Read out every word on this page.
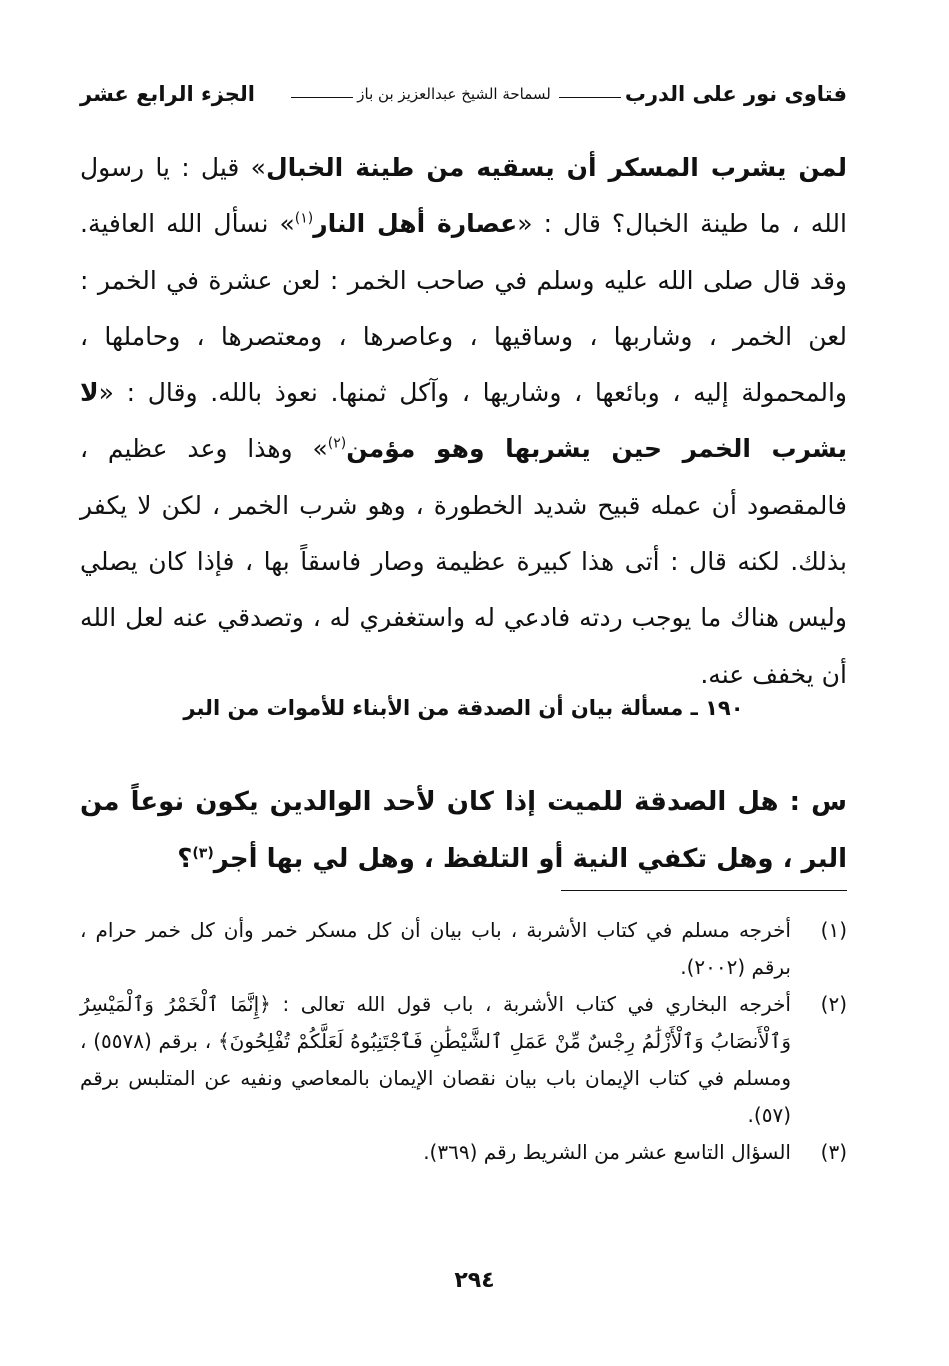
فتاوى نور على الدرب
لسماحة الشيخ عبدالعزيز بن باز
الجزء الرابع عشر

لمن يشرب المسكر أن يسقيه من طينة الخبال» قيل : يا رسول الله ، ما طينة الخبال؟ قال : «عصارة أهل النار$^{(١)}$» نسأل الله العافية. وقد قال صلى الله عليه وسلم في صاحب الخمر : لعن عشرة في الخمر : لعن الخمر ، وشاربها ، وساقيها ، وعاصرها ، ومعتصرها ، وحاملها ، والمحمولة إليه ، وبائعها ، وشاريها ، وآكل ثمنها. نعوذ بالله. وقال : «لا يشرب الخمر حين يشربها وهو مؤمن$^{(٢)}$» وهذا وعد عظيم ، فالمقصود أن عمله قبيح شديد الخطورة ، وهو شرب الخمر ، لكن لا يكفر بذلك. لكنه قال : أتى هذا كبيرة عظيمة وصار فاسقاً بها ، فإذا كان يصلي وليس هناك ما يوجب ردته فادعي له واستغفري له ، وتصدقي عنه لعل الله أن يخفف عنه.

١٩٠ ـ مسألة بيان أن الصدقة من الأبناء للأموات من البر

س : هل الصدقة للميت إذا كان لأحد الوالدين يكون نوعاً من البر ، وهل تكفي النية أو التلفظ ، وهل لي بها أجر$^{(٣)}$؟

(١)
أخرجه مسلم في كتاب الأشربة ، باب بيان أن كل مسكر خمر وأن كل خمر حرام ، برقم (٢٠٠٢).
(٢)
أخرجه البخاري في كتاب الأشربة ، باب قول الله تعالى : ﴿إِنَّمَا ٱلْخَمْرُ وَٱلْمَيْسِرُ وَٱلْأَنصَابُ وَٱلْأَزْلَٰمُ رِجْسٌ مِّنْ عَمَلِ ٱلشَّيْطَٰنِ فَٱجْتَنِبُوهُ لَعَلَّكُمْ تُفْلِحُونَ﴾ ، برقم (٥٥٧٨) ، ومسلم في كتاب الإيمان باب بيان نقصان الإيمان بالمعاصي ونفيه عن المتلبس برقم (٥٧).
(٣)
السؤال التاسع عشر من الشريط رقم (٣٦٩).
٢٩٤
